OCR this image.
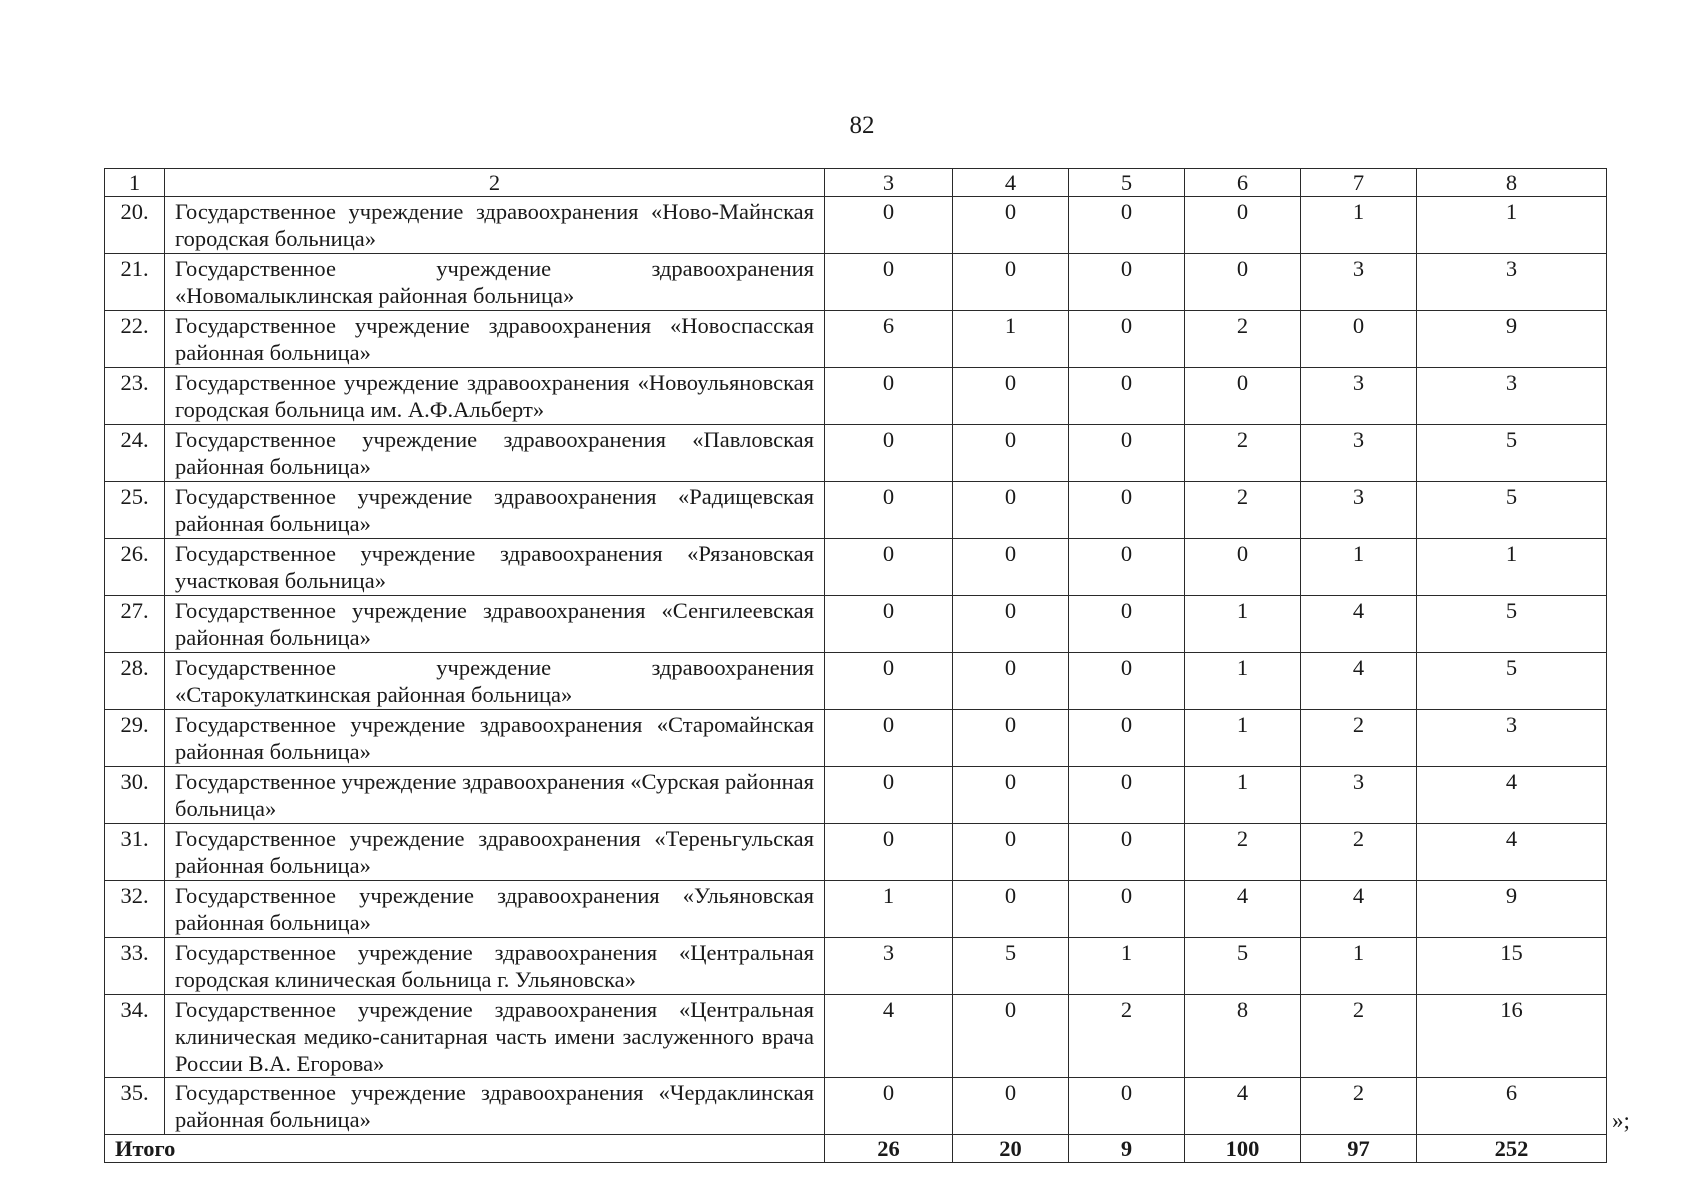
82
1	2	3	4	5	6	7	8
20.	Государственное учреждение здравоохранения «Ново-Майнская городская больница»	0	0	0	0	1	1
21.	Государственное учреждение здравоохранения «Новомалыклинская районная больница»	0	0	0	0	3	3
22.	Государственное учреждение здравоохранения «Новоспасская районная больница»	6	1	0	2	0	9
23.	Государственное учреждение здравоохранения «Новоульяновская городская больница им. А.Ф.Альберт»	0	0	0	0	3	3
24.	Государственное учреждение здравоохранения «Павловская районная больница»	0	0	0	2	3	5
25.	Государственное учреждение здравоохранения «Радищевская районная больница»	0	0	0	2	3	5
26.	Государственное учреждение здравоохранения «Рязановская участковая больница»	0	0	0	0	1	1
27.	Государственное учреждение здравоохранения «Сенгилеевская районная больница»	0	0	0	1	4	5
28.	Государственное учреждение здравоохранения «Старокулаткинская районная больница»	0	0	0	1	4	5
29.	Государственное учреждение здравоохранения «Старомайнская районная больница»	0	0	0	1	2	3
30.	Государственное учреждение здравоохранения «Сурская районная больница»	0	0	0	1	3	4
31.	Государственное учреждение здравоохранения «Тереньгульская районная больница»	0	0	0	2	2	4
32.	Государственное учреждение здравоохранения «Ульяновская районная больница»	1	0	0	4	4	9
33.	Государственное учреждение здравоохранения «Центральная городская клиническая больница г. Ульяновска»	3	5	1	5	1	15
34.	Государственное учреждение здравоохранения «Центральная клиническая медико-санитарная часть имени заслуженного врача России В.А. Егорова»	4	0	2	8	2	16
35.	Государственное учреждение здравоохранения «Чердаклинская районная больница»	0	0	0	4	2	6
Итого		26	20	9	100	97	252
»;
